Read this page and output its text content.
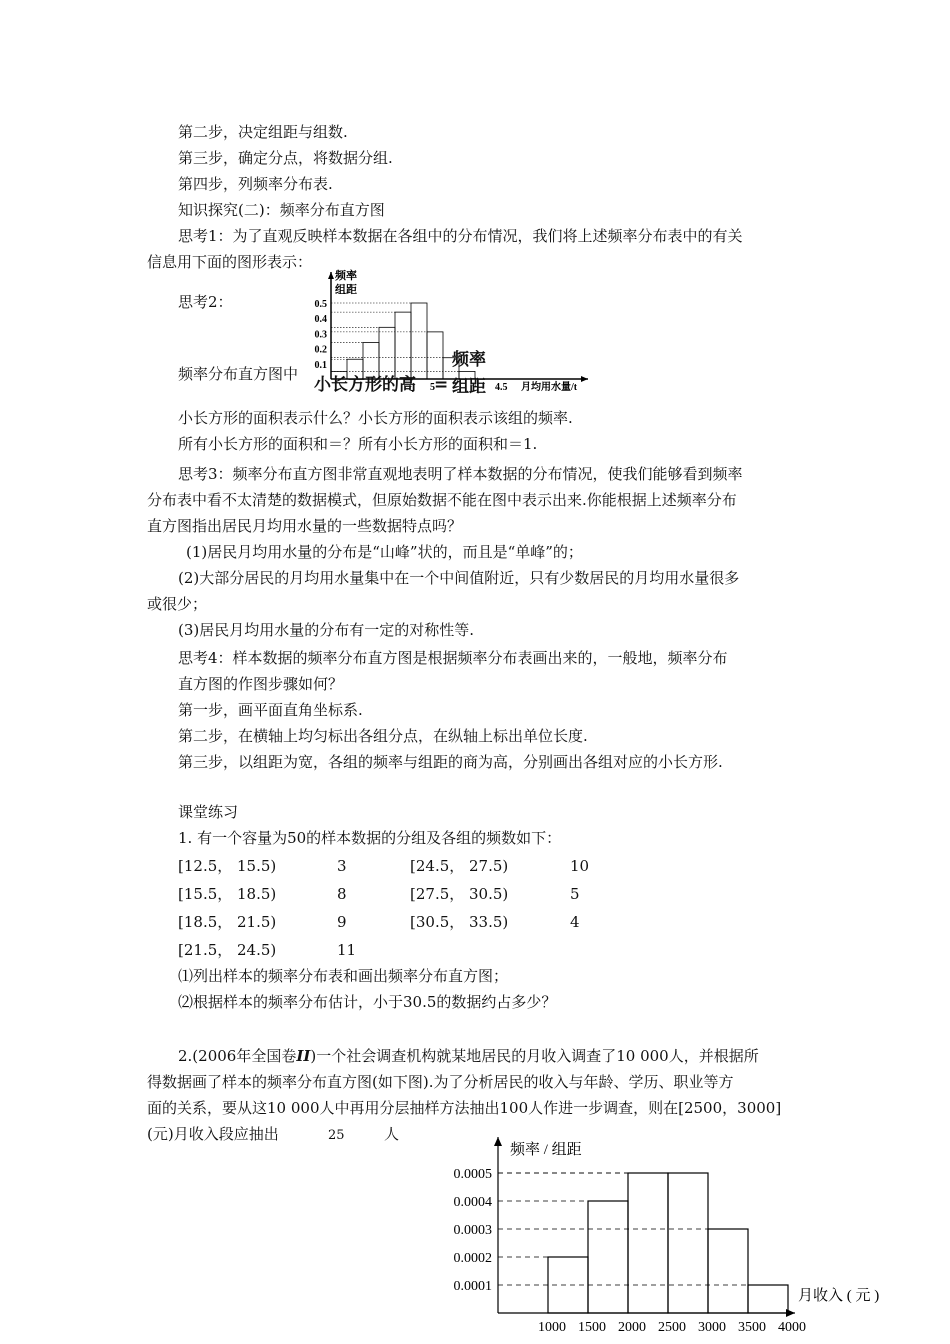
第二步，决定组距与组数.
第三步，确定分点，将数据分组.
第四步，列频率分布表.
知识探究(二)：频率分布直方图
思考1：为了直观反映样本数据在各组中的分布情况，我们将上述频率分布表中的有关
信息用下面的图形表示：
思考2：
频率分布直方图中
频率
组距
0.1
0.2
0.3
0.4
0.5
5	4.5 月均用水量/t
小长方形的高 =
频率
组距
小长方形的面积表示什么？小长方形的面积表示该组的频率.
所有小长方形的面积和＝？所有小长方形的面积和＝1.
思考3：频率分布直方图非常直观地表明了样本数据的分布情况，使我们能够看到频率
分布表中看不太清楚的数据模式，但原始数据不能在图中表示出来.你能根据上述频率分布
直方图指出居民月均用水量的一些数据特点吗？
(1)居民月均用水量的分布是“山峰”状的，而且是“单峰”的；
(2)大部分居民的月均用水量集中在一个中间值附近，只有少数居民的月均用水量很多
或很少；
(3)居民月均用水量的分布有一定的对称性等.
思考4：样本数据的频率分布直方图是根据频率分布表画出来的，一般地，频率分布
直方图的作图步骤如何？
第一步，画平面直角坐标系.
第二步，在横轴上均匀标出各组分点，在纵轴上标出单位长度.
第三步，以组距为宽，各组的频率与组距的商为高，分别画出各组对应的小长方形.
课堂练习
1. 有一个容量为50的样本数据的分组及各组的频数如下：
[12.5， 15.5)	3	[24.5， 27.5)	10
[15.5， 18.5)	8	[27.5， 30.5)	5
[18.5， 21.5)	9	[30.5， 33.5)	4
[21.5， 24.5)	11
⑴列出样本的频率分布表和画出频率分布直方图；
⑵根据样本的频率分布估计，小于30.5的数据约占多少？
2.(2006年全国卷II)一个社会调查机构就某地居民的月收入调查了10 000人，并根据所
得数据画了样本的频率分布直方图(如下图).为了分析居民的收入与年龄、学历、职业等方
面的关系，要从这10 000人中再用分层抽样方法抽出100人作进一步调查，则在[2500，3000]
(元)月收入段应抽出	25	人
频率 / 组距
月收入 ( 元 )
0.0001
0.0002
0.0003
0.0004
0.0005
1000 1500 2000 2500 3000 3500 4000
